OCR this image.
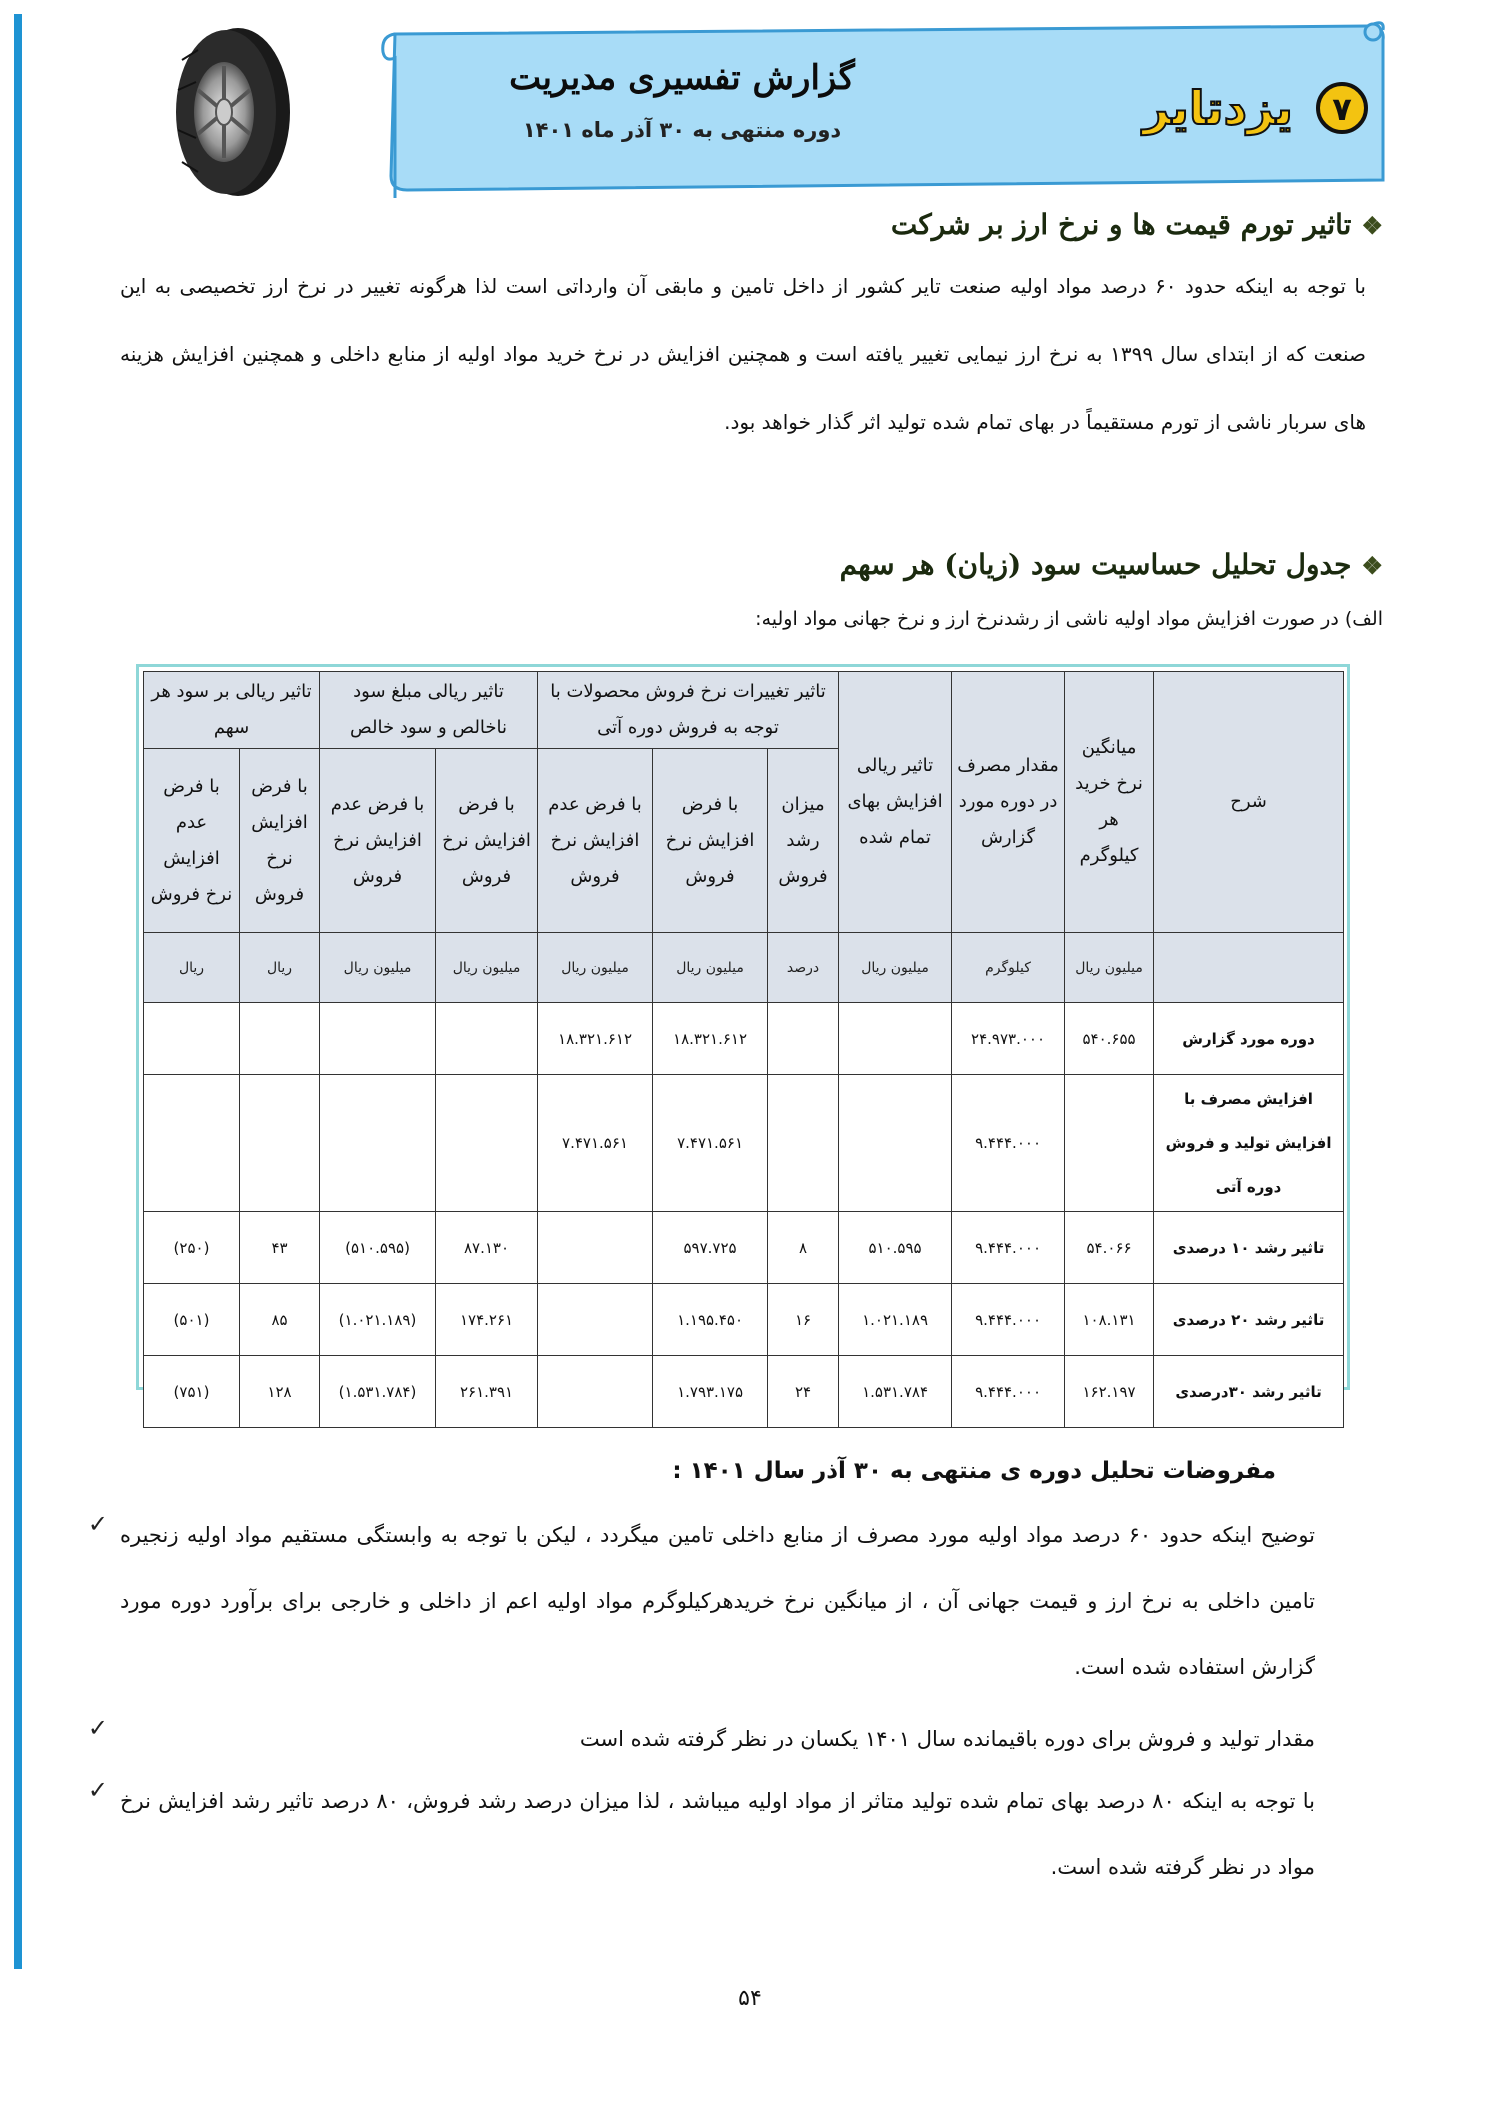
گزارش تفسیری مدیریت
دوره منتهی به ۳۰ آذر ماه ۱۴۰۱
۷
یزدتایر
❖تاثیر تورم قیمت ها و نرخ ارز بر شرکت
با توجه به اینکه حدود ۶۰ درصد مواد اولیه صنعت تایر کشور از داخل تامین و مابقی آن وارداتی است لذا هرگونه تغییر در نرخ ارز تخصیصی به این صنعت که از ابتدای سال ۱۳۹۹ به نرخ ارز نیمایی تغییر یافته است و همچنین افزایش در نرخ خرید مواد اولیه از منابع داخلی و همچنین افزایش هزینه های سربار ناشی از تورم مستقیماً در بهای تمام شده تولید اثر گذار خواهد بود.
❖جدول تحلیل حساسیت سود (زیان) هر سهم
الف) در صورت افزایش مواد اولیه ناشی از رشدنرخ ارز و نرخ جهانی مواد اولیه:
شرح	میانگین نرخ خرید هر کیلوگرم	مقدار مصرف در دوره مورد گزارش	تاثیر ریالی افزایش بهای تمام شده	تاثیر تغییرات نرخ فروش محصولات با توجه به فروش دوره آتی			تاثیر ریالی مبلغ سود ناخالص و سود خالص		تاثیر ریالی بر سود هر سهم	
				میزان رشد فروش	با فرض افزایش نرخ فروش	با فرض عدم افزایش نرخ فروش	با فرض افزایش نرخ فروش	با فرض عدم افزایش نرخ فروش	با فرض افزایش نرخ فروش	با فرض عدم افزایش نرخ فروش
	میلیون ریال	کیلوگرم	میلیون ریال	درصد	میلیون ریال	میلیون ریال	میلیون ریال	میلیون ریال	ریال	ریال
دوره مورد گزارش	۵۴۰.۶۵۵	۲۴.۹۷۳.۰۰۰			۱۸.۳۲۱.۶۱۲	۱۸.۳۲۱.۶۱۲				
افزایش مصرف با افزایش تولید و فروش دوره آتی		۹.۴۴۴.۰۰۰			۷.۴۷۱.۵۶۱	۷.۴۷۱.۵۶۱				
تاثیر رشد ۱۰ درصدی	۵۴.۰۶۶	۹.۴۴۴.۰۰۰	۵۱۰.۵۹۵	۸	۵۹۷.۷۲۵		۸۷.۱۳۰	(۵۱۰.۵۹۵)	۴۳	(۲۵۰)
تاثیر رشد ۲۰ درصدی	۱۰۸.۱۳۱	۹.۴۴۴.۰۰۰	۱.۰۲۱.۱۸۹	۱۶	۱.۱۹۵.۴۵۰		۱۷۴.۲۶۱	(۱.۰۲۱.۱۸۹)	۸۵	(۵۰۱)
تاثیر رشد ۳۰درصدی	۱۶۲.۱۹۷	۹.۴۴۴.۰۰۰	۱.۵۳۱.۷۸۴	۲۴	۱.۷۹۳.۱۷۵		۲۶۱.۳۹۱	(۱.۵۳۱.۷۸۴)	۱۲۸	(۷۵۱)
مفروضات تحلیل دوره ی منتهی به ۳۰ آذر سال ۱۴۰۱ :
✓ توضیح اینکه حدود ۶۰ درصد مواد اولیه مورد مصرف از منابع داخلی تامین میگردد ، لیکن با توجه به وابستگی مستقیم مواد اولیه زنجیره تامین داخلی به نرخ ارز و قیمت جهانی آن ، از میانگین نرخ خریدهرکیلوگرم مواد اولیه اعم از داخلی و خارجی برای برآورد دوره مورد گزارش استفاده شده است.
✓	مقدار تولید و فروش برای دوره باقیمانده سال ۱۴۰۱ یکسان در نظر گرفته شده است
✓ با توجه به اینکه ۸۰ درصد بهای تمام شده تولید متاثر از مواد اولیه میباشد ، لذا میزان درصد رشد فروش، ۸۰ درصد تاثیر رشد افزایش نرخ مواد در نظر گرفته شده است.
۵۴
